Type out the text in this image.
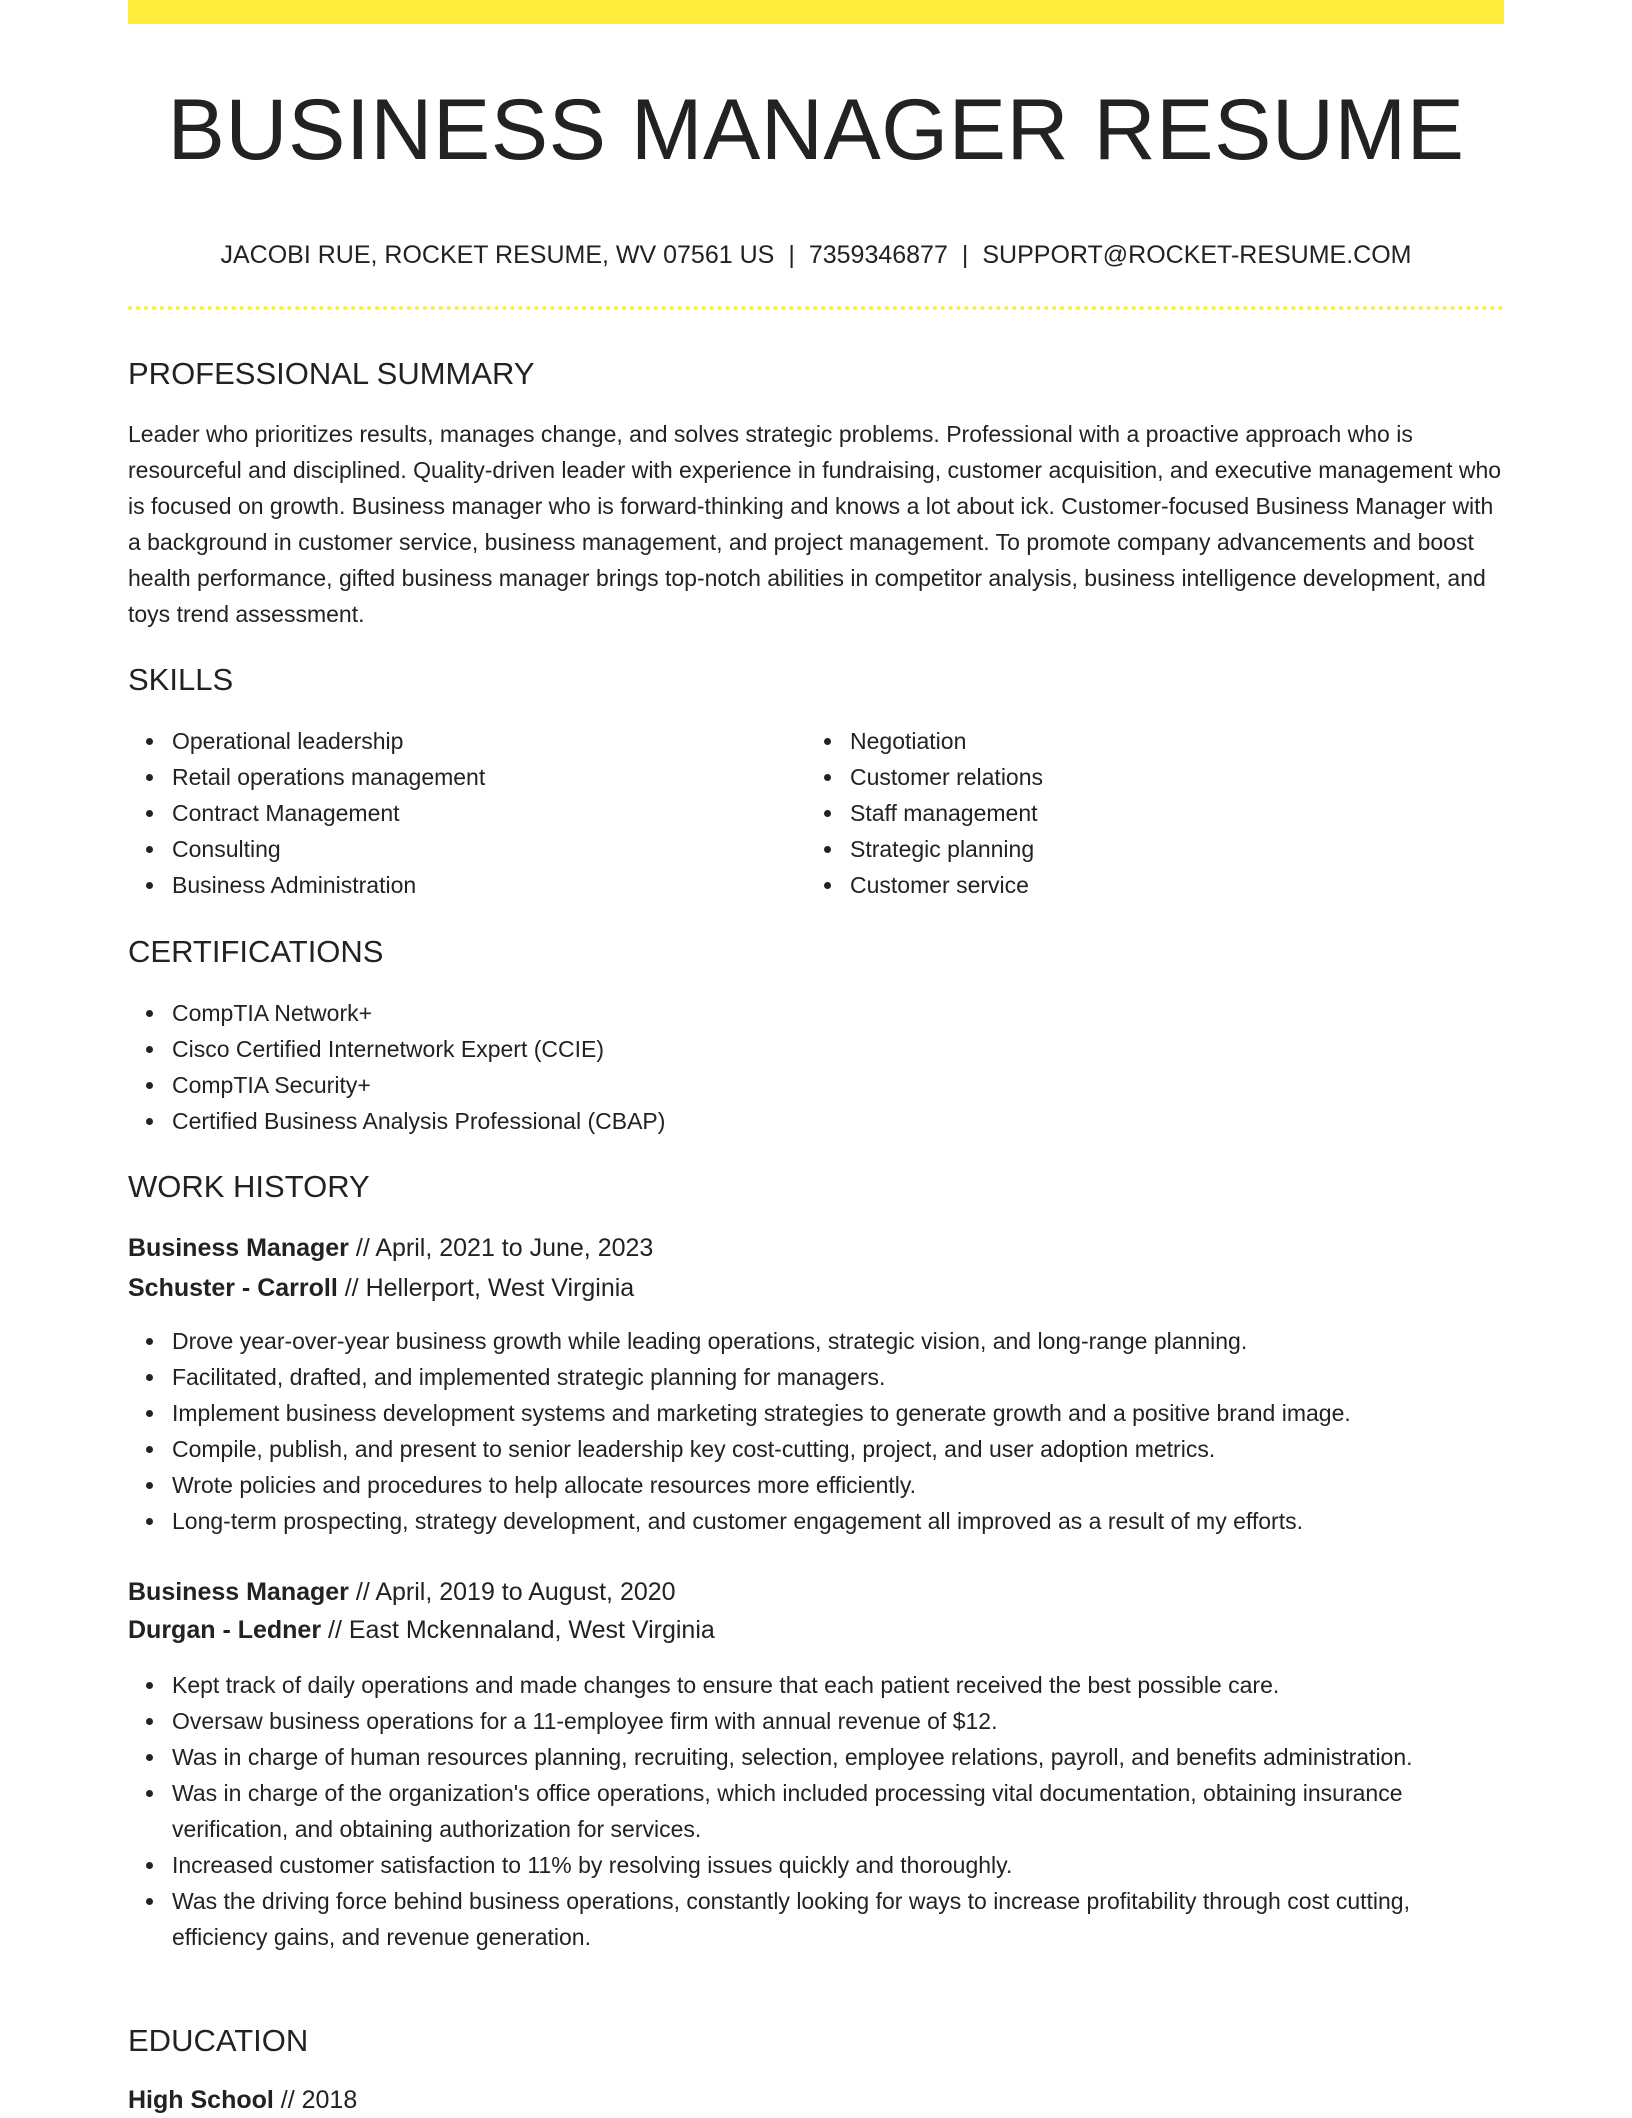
BUSINESS MANAGER RESUME
JACOBI RUE, ROCKET RESUME, WV 07561 US | 7359346877 | SUPPORT@ROCKET-RESUME.COM
PROFESSIONAL SUMMARY

Leader who prioritizes results, manages change, and solves strategic problems. Professional with a proactive approach who is resourceful and disciplined. Quality-driven leader with experience in fundraising, customer acquisition, and executive management who is focused on growth. Business manager who is forward-thinking and knows a lot about ick. Customer-focused Business Manager with a background in customer service, business management, and project management. To promote company advancements and boost health performance, gifted business manager brings top-notch abilities in competitor analysis, business intelligence development, and toys trend assessment.

SKILLS
Operational leadership
Retail operations management
Contract Management
Consulting
Business Administration
Negotiation
Customer relations
Staff management
Strategic planning
Customer service
CERTIFICATIONS
CompTIA Network+
Cisco Certified Internetwork Expert (CCIE)
CompTIA Security+
Certified Business Analysis Professional (CBAP)
WORK HISTORY
Business Manager // April, 2021 to June, 2023
Schuster - Carroll // Hellerport, West Virginia
Drove year-over-year business growth while leading operations, strategic vision, and long-range planning.
Facilitated, drafted, and implemented strategic planning for managers.
Implement business development systems and marketing strategies to generate growth and a positive brand image.
Compile, publish, and present to senior leadership key cost-cutting, project, and user adoption metrics.
Wrote policies and procedures to help allocate resources more efficiently.
Long-term prospecting, strategy development, and customer engagement all improved as a result of my efforts.
Business Manager // April, 2019 to August, 2020
Durgan - Ledner // East Mckennaland, West Virginia
Kept track of daily operations and made changes to ensure that each patient received the best possible care.
Oversaw business operations for a 11-employee firm with annual revenue of $12.
Was in charge of human resources planning, recruiting, selection, employee relations, payroll, and benefits administration.
Was in charge of the organization's office operations, which included processing vital documentation, obtaining insurance verification, and obtaining authorization for services.
Increased customer satisfaction to 11% by resolving issues quickly and thoroughly.
Was the driving force behind business operations, constantly looking for ways to increase profitability through cost cutting, efficiency gains, and revenue generation.
EDUCATION
High School // 2018
